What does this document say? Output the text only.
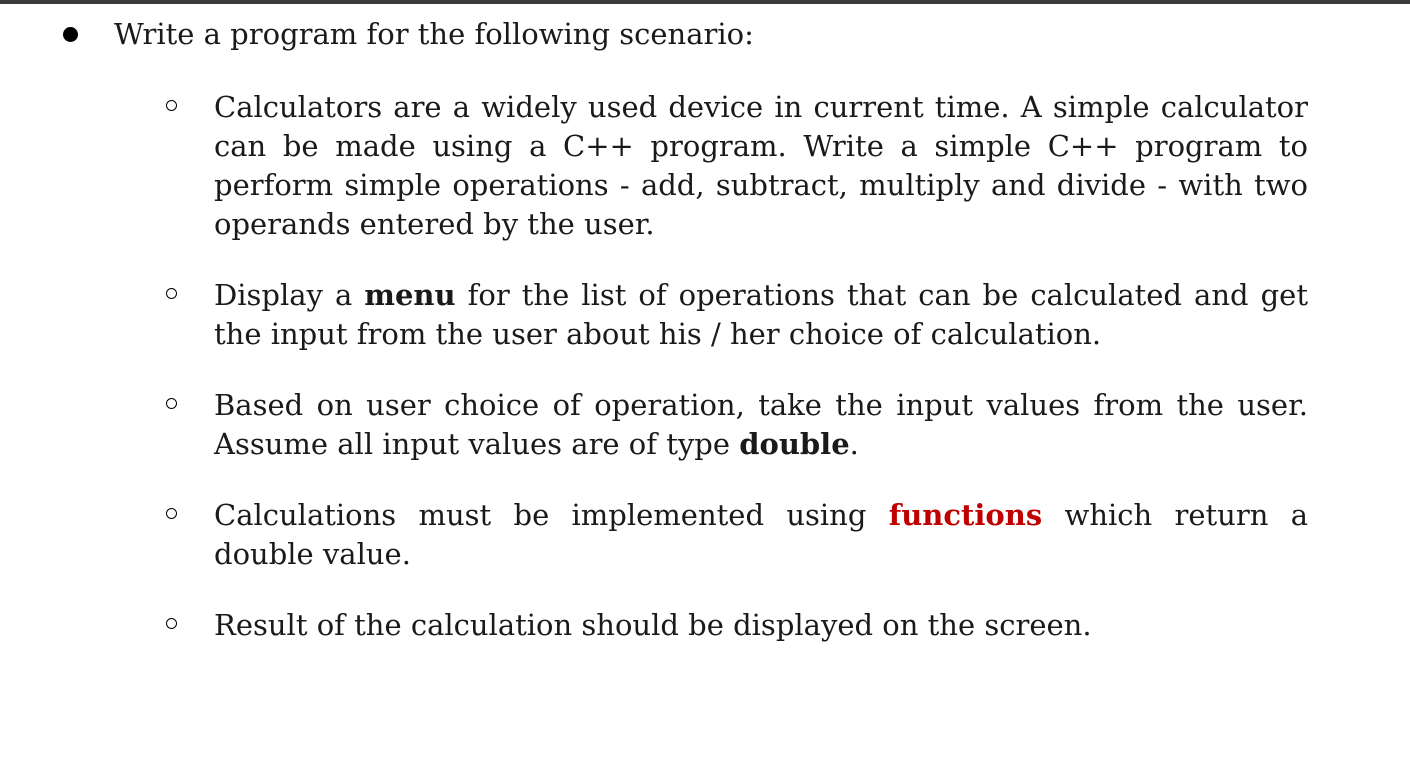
Write a program for the following scenario:
Calculators are a widely used device in current time. A simple calculator can be made using a C++ program. Write a simple C++ program to perform simple operations - add, subtract, multiply and divide - with two operands entered by the user.
Display a menu for the list of operations that can be calculated and get the input from the user about his / her choice of calculation.
Based on user choice of operation, take the input values from the user. Assume all input values are of type double.
Calculations must be implemented using functions which return a double value.
Result of the calculation should be displayed on the screen.
